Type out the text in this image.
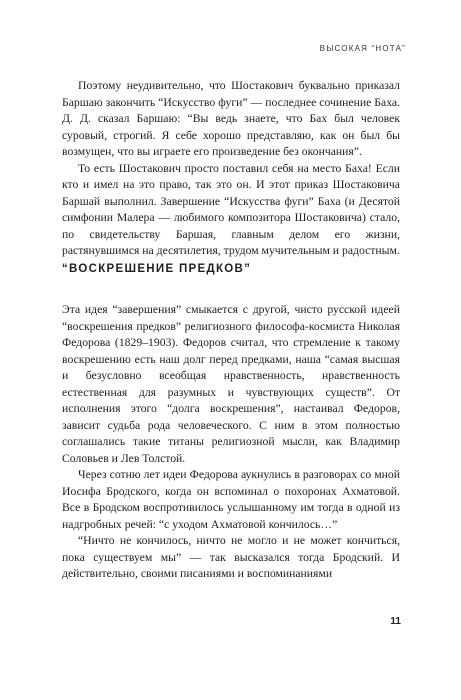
ВЫСОКАЯ “НОТА”

Поэтому неудивительно, что Шостакович буквально приказал Баршаю закончить “Искусство фуги” — последнее сочинение Баха. Д. Д. сказал Баршаю: “Вы ведь знаете, что Бах был человек суровый, строгий. Я себе хорошо представляю, как он был бы возмущен, что вы играете его произведение без окончания”.

То есть Шостакович просто поставил себя на место Баха! Если кто и имел на это право, так это он. И этот приказ Шостаковича Баршай выполнил. Завершение “Искусства фуги” Баха (и Десятой симфонии Малера — любимого композитора Шостаковича) стало, по свидетельству Баршая, главным делом его жизни, растянувшимся на десятилетия, трудом мучительным и радостным.

“ВОСКРЕШЕНИЕ ПРЕДКОВ”

Эта идея “завершения” смыкается с другой, чисто русской идеей “воскрешения предков” религиозного философа-космиста Николая Федорова (1829–1903). Федоров считал, что стремление к такому воскрешению есть наш долг перед предками, наша “самая высшая и безусловно всеобщая нравственность, нравственность естественная для разумных и чувствующих существ”. От исполнения этого “долга воскрешения”, настаивал Федоров, зависит судьба рода человеческого. С ним в этом полностью соглашались такие титаны религиозной мысли, как Владимир Соловьев и Лев Толстой.

Через сотню лет идеи Федорова аукнулись в разговорах со мной Иосифа Бродского, когда он вспоминал о похоронах Ахматовой. Все в Бродском воспротивилось услышанному им тогда в одной из надгробных речей: “с уходом Ахматовой кончилось…”

“Ничто не кончилось, ничто не могло и не может кончиться, пока существуем мы” — так высказался тогда Бродский. И действительно, своими писаниями и воспоминаниями

11
